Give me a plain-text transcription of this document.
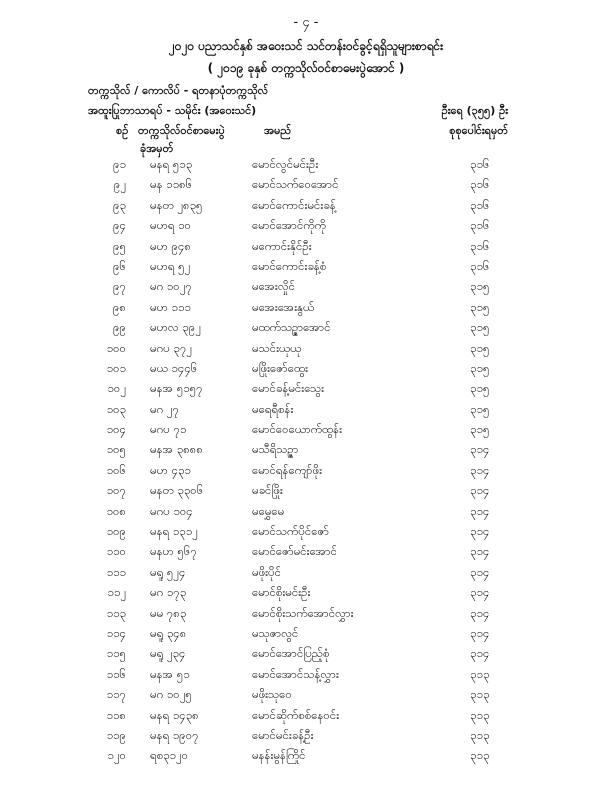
- ၄ -
၂၀၂၀ ပညာသင်နှစ် အဝေးသင် သင်တန်းဝင်ခွင့်ရရှိသူများစာရင်း
( ၂၀၁၉ ခုနှစ် တက္ကသိုလ်ဝင်စာမေးပွဲအောင် )
တက္ကသိုလ် / ကောလိပ် - ရတနာပုံတက္ကသိုလ်
အထူးပြုဘာသာရပ် - သမိုင်း (အဝေးသင်)	ဦးရေ (၃၅၅) ဦး
စဉ် တက္ကသိုလ်ဝင်စာမေးပွဲ
ခုံအမှတ်
အမည်	စုစုပေါင်းရမှတ်
၉၁ မနရ ၅၁၃	မောင်လွင်မင်းဦး	၃၁၆
၉၂ မန ၁၁၈၆	မောင်သက်ဝေအောင်	၃၁၆
၉၃ မနတ ၂၈၃၅	မောင်ကောင်းမင်းခန့်	၃၁၆
၉၄ မဟရ ၁၀	မောင်အောင်ကိုကို	၃၁၆
၉၅ မဟ ၉၄၈	မကောင်းနိုင်ဦး	၃၁၆
၉၆ မဟရ ၅၂	မောင်ကောင်းခန့်စံ	၃၁၆
၉၇ မဂ ၁၀၂၇	မအေးလှိုင်	၃၁၅
၉၈ မဟ ၁၁၁	မအေးအေးနွယ်	၃၁၅
၉၉ မဟလ ၃၉၂	မထက်သဉ္ဇာအောင်	၃၁၅
၁၀၀ မဂပ ၃၇၂	မသင်းယုယု	၃၁၅
၁၀၁ မယ ၁၄၄၆	မဖြိုးဇော်ထွေး	၃၁၅
၁၀၂ မနအ ၅၁၅၇	မောင်ခန့်မင်းသွေး	၃၁၅
၁၀၃ မဂ ၂၇	မရေရီစန်း	၃၁၅
၁၀၄ မဂပ ၇၁	မောင်ဝေယောက်ထွန်း	၃၁၅
၁၀၅ မနအ ၃၈၈၈	မသီရိသဉ္ဇာ	၃၁၄
၁၀၆ မဟ ၄၃၁	မောင်ရန်ကျော်ဖိုး	၃၁၄
၁၀၇ မနတ ၃၃၀၆	မခင်ဖြိုး	၃၁၄
၁၀၈ မဂပ ၁၀၄	မမွှေမေ	၃၁၄
၁၀၉ မနရ ၁၃၁၂	မောင်သက်ပိုင်ဇော်	၃၁၄
၁၁၀ မနဟ ၅၆၇	မောင်ဇော်မင်းအောင်	၃၁၄
၁၁၁ မရူ ၅၂၄	မဖိုးပိုင်	၃၁၄
၁၁၂ မဂ ၁၇၃	မောင်စိုးမင်းဦး	၃၁၄
၁၁၃ မမ ၇၈၃	မောင်စိုးသက်အောင်လွှား	၃၁၄
၁၁၄ မရူ ၃၄၈	မသုဇာလွင်	၃၁၄
၁၁၅ မရူ ၂၃၄	မောင်အောင်ပြည့်စုံ	၃၁၄
၁၁၆ မနအ ၅၁	မောင်အောင်သန့်လွှား	၃၁၃
၁၁၇ မဂ ၁၀၂၅	မဖိုးသုဝေ	၃၁၃
၁၁၈ မနရ ၁၄၃၈	မောင်ဆိုက်စစ်နေဝင်း	၃၁၃
၁၁၉ မနရ ၁၉၀၇	မောင်မင်းခန့်ဦး	၃၁၃
၁၂၀ ရစ၃၁၂၀	မနန်းမွန်ကြိုင်	၃၁၃
